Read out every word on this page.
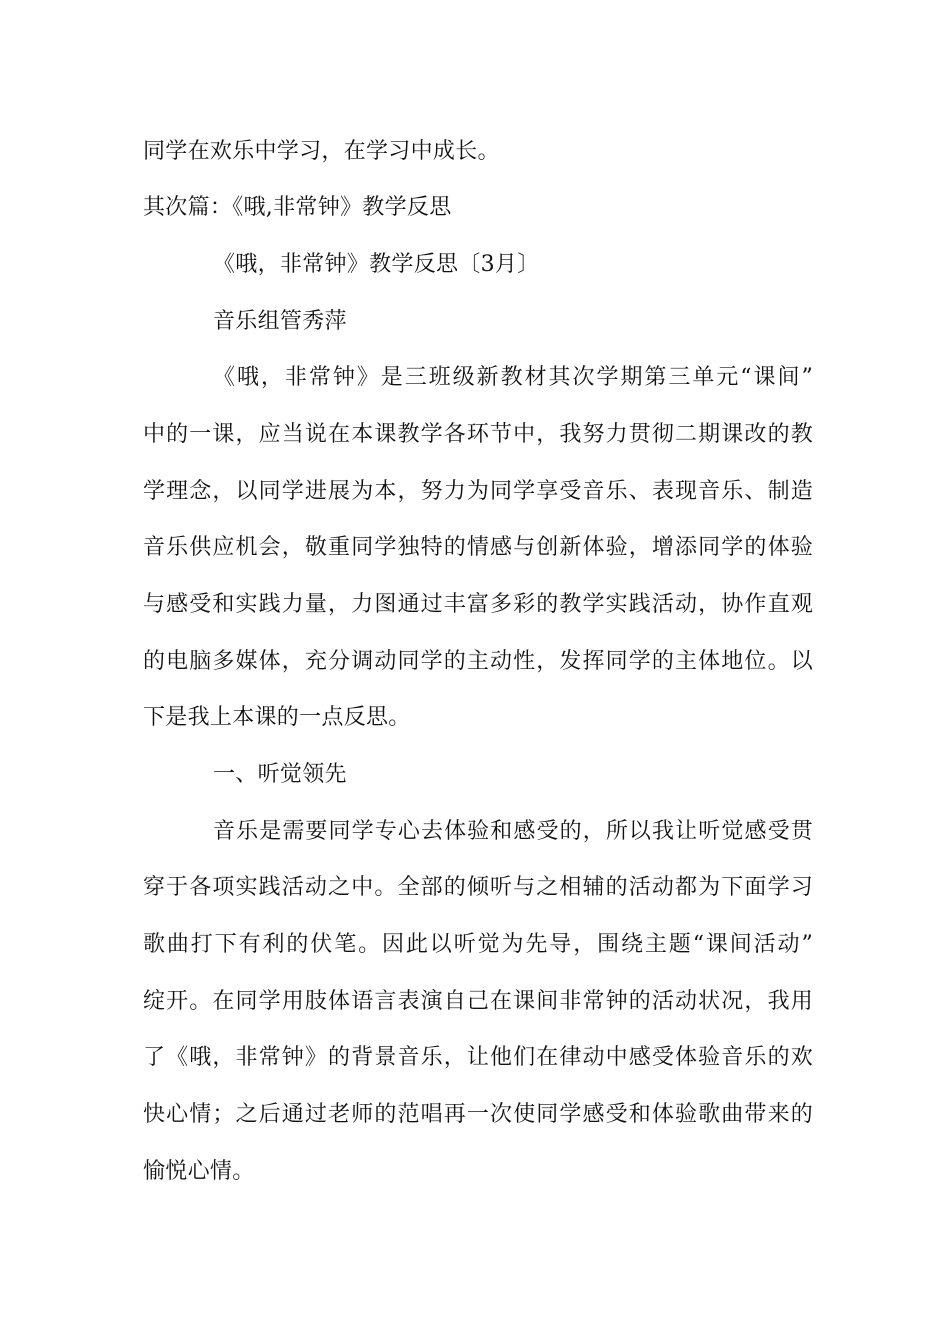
同学在欢乐中学习，在学习中成长。
其次篇：《哦,非常钟》教学反思
《哦，非常钟》教学反思〔3月〕
音乐组管秀萍
《哦，非常钟》是三班级新教材其次学期第三单元“课间”
中的一课，应当说在本课教学各环节中，我努力贯彻二期课改的教
学理念，以同学进展为本，努力为同学享受音乐、表现音乐、制造
音乐供应机会，敬重同学独特的情感与创新体验，增添同学的体验
与感受和实践力量，力图通过丰富多彩的教学实践活动，协作直观
的电脑多媒体，充分调动同学的主动性，发挥同学的主体地位。以
下是我上本课的一点反思。
一、听觉领先
音乐是需要同学专心去体验和感受的，所以我让听觉感受贯
穿于各项实践活动之中。全部的倾听与之相辅的活动都为下面学习
歌曲打下有利的伏笔。因此以听觉为先导，围绕主题“课间活动”
绽开。在同学用肢体语言表演自己在课间非常钟的活动状况，我用
了《哦，非常钟》的背景音乐，让他们在律动中感受体验音乐的欢
快心情；之后通过老师的范唱再一次使同学感受和体验歌曲带来的
愉悦心情。
